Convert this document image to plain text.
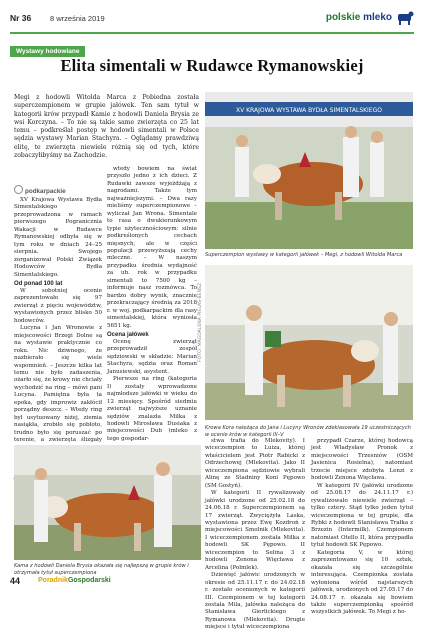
Nr 36 8 września 2019	polskie mleko
Wystawy hodowlane
Elita simentali w Rudawce Rymanowskiej

Megi z hodowli Witolda Marca z Pobiedna została superczempionem w grupie jałówek. Ten sam tytuł w kategorii krów przypadł Kamie z hodowli Daniela Brysia ze wsi Korczyna. – To nie są takie same zwierzęta co 25 lat temu – podkreślał postęp w hodowli simentali w Polsce sędzia wystawy Marian Stachyra. – Oglądamy prawdziwą elitę, te zwierzęta niewiele różnią się od tych, które zobaczyłibyśmy na Zachodzie.

podkarpackie

XV Krajowa Wystawa Bydła Simentalskiego przeprowadzona w ramach pierwszego Pogranicznia Wakacji w Rudawce Rymanowskiej odbyła się w tym roku w dniach 24–25 sierpnia. Swojego zorganizował Polski Związek Hodowców Bydła Simentalskiego.

Od ponad 100 lat

W sobotniej ocenie zaprezentowało się 97 zwierząt z pięciu województw, wystawionych przez blisko 50 hodowców.

Lucyna i Jan Wronowie z miejscowości Brzegi Dolne są na wystawie praktycznie co roku. Nic dziwnego, że nazbierało się wiele wspomnień. – Jeszcze kilka lat temu nie było zadaszenia, ożarło się, że krowy nie chciały wychodzić na ring – mówi pani Lucyna. Pamiętna była ta epoka, gdy improwiz zakłócił porządny deszcz. – Wtedy ring był usytuowany niżej, ziemia nasiąkła, zrobiło się pobłoto, trudno było się poruszać po terenie, a zwierzęta ślizgały

wtedy bowiem na świat przyszło jedno z ich dzieci. Z Rudawki zawsze wyjeżdżają z nagrodami. Także tym najważniejszymi. – Dwa razy mieliśmy superczempionowe – wyliczał Jan Wrona. Simentale to rasa o dwukierunkowym typie użytecznościowym: silnie podkreślonych cechach mięsnych, ale w części populacji przewyższają cechy mleczne. – W naszym przypadku średnia wydajność za ub. rok w przypadku simentali to 7500 kg – informuje nasz rozmówca. To bardzo dobry wynik, znacznie przekraczający średnią za 2018 r. w woj. podkarpackim dla rasy simentalskiej, która wyniosła 5651 kg.

Ocena jałówek

Ocenę zwierząt przeprowadził zespół sędziowski w składzie: Marian Stachyra, sędzia oraz Roman Janusiewski, asystent.

Pierwsze na ring (kategoria I) zostały wprowadzone najmłodsze jałówki w wieku do 12 miesięcy. Spośród siedmiu zwierząt najwyższe uznanie sędziów znalazła Milka z hodowli Mirosława Dusiaka z miejscowości Dub (mleko z tego gospodar-

XV KRAJOWA WYSTAWA BYDŁA SIMENTALSKIEGO
Superczempion wystawy w kategorii jałówek – Megi, z hodowli Witolda Marca
Krowa Kora należąca do Jana i Lucyny Wronów zdeklasowała 19 uczestniczących w ocenie krów w kategorii III–V
FOTO: MAGDALENA PIELAS-BENSZ
Kama z hodowli Daniela Brysia okazała się najlepszą w grupie krów i otrzymała tytuł superczempiona

stwa trafia do Mlekovity). I wiceczempion to Luiza, której właścicielem jest Piotr Rabicki z Odrzechowej (Mlekovita). Jako II wiceczempiona sędziowie wybrali Alinę ze Stadniny Koni Pępowo (SM Gostyń).

W kategorii II rywalizowały jałówki urodzone od 25.02.18 do 24.06.18 r. Superczempionem są 17 zwierząt. Zwyciężyła Laska, wystawiona przez Ewę Kozdroń z miejscowości Smolnik (Mlekovita). I wiceczempionem została Milka z hodowli SK Pępowo. II wiceczempion to Selina 3 z hodowli Zenona Więcława z Arcelina (Polmlek).

Dziewięć jałówic urodzonych w okresie od 25.11.17 r. do 24.02.18 r. zostało ocenionych w kategorii III. Czempionem w tej kategorii została Mila, jałówka należąca do Stanisława Gierlickiego z Rymanowa (Mlekovita). Drugie miejsce i tytuł wiceczempiona

przypadł Czarze, której hodowcą jest Władysław Pronok z miejscowości Trzesniów (OSM Jasienica Rosielna), natomiast trzecie miejsce zdobyła Lenzi z hodowli Zenona Więcława.

W kategorii IV (jałówki urodzone od 25.08.17 do 24.11.17 r.) rywalizowało niewiele zwierząt – tylko cztery. Stąd tylko jeden tytuł wiceczempiona w tej grupie, dla Rybki z hodowli Stanisława Trałka z Brzezin (Intermilk). Czempionem natomiast Otello II, która przypadła tytuł hodowli SK Pępowo.

Kategoria V, w której zaprezentowano się 10 sztuk, okazała się szczególnie interesująca. Czempionka została wyłoniona wśród najstarszych jałówek, urodzonych od 27.05.17 do 24.08.17 r. okazała się bowiem także superczempionką spośród wszystkich jałówek. To Megi z ho-

44	PoradnikGospodarski
